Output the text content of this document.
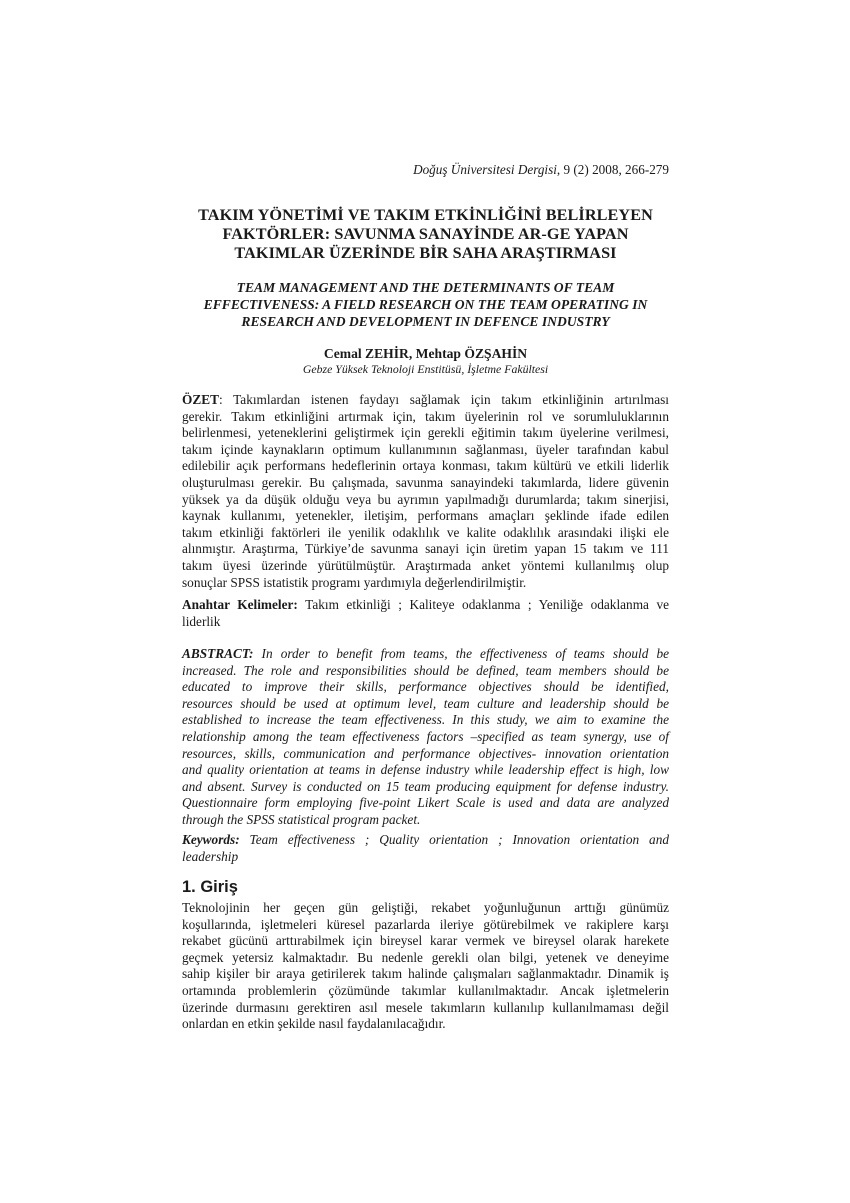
Doğuş Üniversitesi Dergisi, 9 (2) 2008, 266-279
TAKIM YÖNETİMİ VE TAKIM ETKİNLİĞİNİ BELİRLEYEN
FAKTÖRLER: SAVUNMA SANAYİNDE AR-GE YAPAN
TAKIMLAR ÜZERİNDE BİR SAHA ARAŞTIRMASI
TEAM MANAGEMENT AND THE DETERMINANTS OF TEAM
EFFECTIVENESS: A FIELD RESEARCH ON THE TEAM OPERATING IN
RESEARCH AND DEVELOPMENT IN DEFENCE INDUSTRY
Cemal ZEHİR, Mehtap ÖZŞAHİN
Gebze Yüksek Teknoloji Enstitüsü, İşletme Fakültesi
ÖZET: Takımlardan istenen faydayı sağlamak için takım etkinliğinin artırılması
gerekir. Takım etkinliğini artırmak için, takım üyelerinin rol ve sorumluluklarının
belirlenmesi, yeteneklerini geliştirmek için gerekli eğitimin takım üyelerine verilmesi,
takım içinde kaynakların optimum kullanımının sağlanması, üyeler tarafından kabul
edilebilir açık performans hedeflerinin ortaya konması, takım kültürü ve etkili liderlik
oluşturulması gerekir. Bu çalışmada, savunma sanayindeki takımlarda, lidere güvenin
yüksek ya da düşük olduğu veya bu ayrımın yapılmadığı durumlarda; takım sinerjisi,
kaynak kullanımı, yetenekler, iletişim, performans amaçları şeklinde ifade edilen
takım etkinliği faktörleri ile yenilik odaklılık ve kalite odaklılık arasındaki ilişki ele
alınmıştır. Araştırma, Türkiye’de savunma sanayi için üretim yapan 15 takım ve 111
takım üyesi üzerinde yürütülmüştür. Araştırmada anket yöntemi kullanılmış olup
sonuçlar SPSS istatistik programı yardımıyla değerlendirilmiştir.
Anahtar Kelimeler: Takım etkinliği ; Kaliteye odaklanma ; Yeniliğe odaklanma ve
liderlik
ABSTRACT: In order to benefit from teams, the effectiveness of teams should be
increased. The role and responsibilities should be defined, team members should be
educated to improve their skills, performance objectives should be identified,
resources should be used at optimum level, team culture and leadership should be
established to increase the team effectiveness. In this study, we aim to examine the
relationship among the team effectiveness factors –specified as team synergy, use of
resources, skills, communication and performance objectives- innovation orientation
and quality orientation at teams in defense industry while leadership effect is high, low
and absent. Survey is conducted on 15 team producing equipment for defense industry.
Questionnaire form employing five-point Likert Scale is used and data are analyzed
through the SPSS statistical program packet.
Keywords: Team effectiveness ; Quality orientation ; Innovation orientation and
leadership
1. Giriş
Teknolojinin her geçen gün geliştiği, rekabet yoğunluğunun arttığı günümüz
koşullarında, işletmeleri küresel pazarlarda ileriye götürebilmek ve rakiplere karşı
rekabet gücünü arttırabilmek için bireysel karar vermek ve bireysel olarak harekete
geçmek yetersiz kalmaktadır. Bu nedenle gerekli olan bilgi, yetenek ve deneyime
sahip kişiler bir araya getirilerek takım halinde çalışmaları sağlanmaktadır. Dinamik iş
ortamında problemlerin çözümünde takımlar kullanılmaktadır. Ancak işletmelerin
üzerinde durmasını gerektiren asıl mesele takımların kullanılıp kullanılmaması değil
onlardan en etkin şekilde nasıl faydalanılacağıdır.
